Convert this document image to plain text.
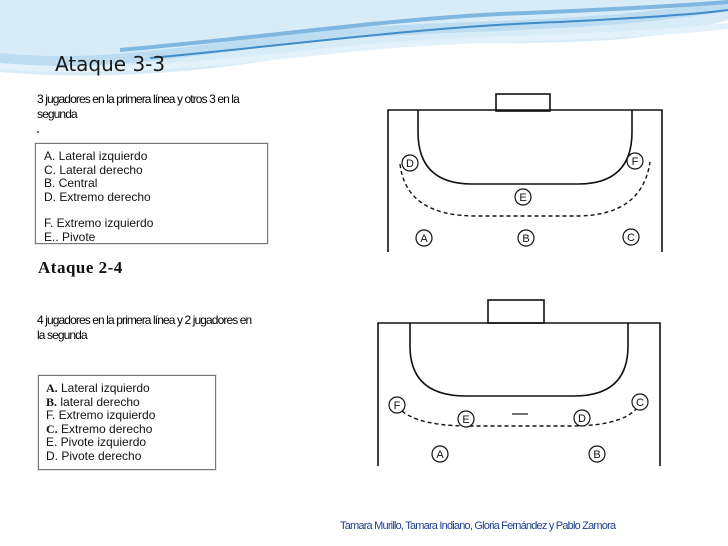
Ataque 3-3
3 jugadores en la primera línea y otros 3 en la segunda
A. Lateral izquierdo
C. Lateral derecho
B. Central
D. Extremo derecho
F. Extremo izquierdo
E.. Pivote
Ataque 2-4
4 jugadores en la primera línea y 2 jugadores en la segunda
A. Lateral izquierdo
B. lateral derecho
F. Extremo izquierdo
C. Extremo derecho
E. Pivote izquierdo
D. Pivote derecho
D	F
E
A	B	C
F
E	D
C
A	B
Tamara Murillo, Tamara Indiano, Gloria Fernández y Pablo Zamora
